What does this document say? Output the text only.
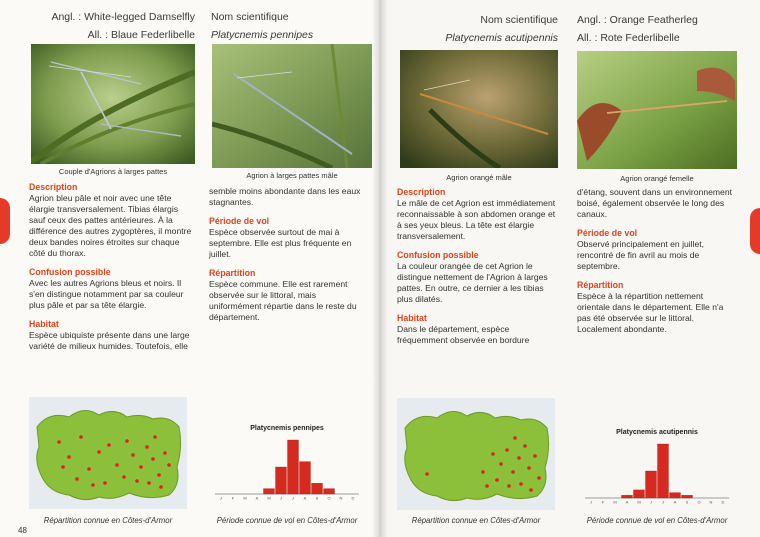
Angl. : White-legged Damselfly
All. : Blaue Federlibelle
Nom scientifique
Platycnemis pennipes
Couple d'Agrions à larges pattes	Agrion à larges pattes mâle
Description

Agrion bleu pâle et noir avec une tête élargie transversalement. Tibias élargis sauf ceux des pattes antérieures. À la différence des autres zygoptères, il montre deux bandes noires étroites sur chaque côté du thorax.

Confusion possible

Avec les autres Agrions bleus et noirs. Il s'en distingue notamment par sa couleur plus pâle et par sa tête élargie.

Habitat

Espèce ubiquiste présente dans une large variété de milieux humides. Toutefois, elle

semble moins abondante dans les eaux stagnantes.

Période de vol

Espèce observée surtout de mai à septembre. Elle est plus fréquente en juillet.

Répartition

Espèce commune. Elle est rarement observée sur le littoral, mais uniformément répartie dans le reste du département.

Répartition connue en Côtes-d'Armor
Platycnemis pennipes
J F M A M J	J A S O N D
Période connue de vol en Côtes-d'Armor
48
Nom scientifique
Platycnemis acutipennis
Angl. : Orange Featherleg
All. : Rote Federlibelle
Agrion orangé mâle	Agrion orangé femelle
Description

Le mâle de cet Agrion est immédiatement reconnaissable à son abdomen orange et à ses yeux bleus. La tête est élargie transversalement.

Confusion possible

La couleur orangée de cet Agrion le distingue nettement de l'Agrion à larges pattes. En outre, ce dernier a les tibias plus dilatés.

Habitat

Dans le département, espèce fréquemment observée en bordure

d'étang, souvent dans un environnement boisé, également observée le long des canaux.

Période de vol

Observé principalement en juillet, rencontré de fin avril au mois de septembre.

Répartition

Espèce à la répartition nettement orientale dans le département. Elle n'a pas été observée sur le littoral. Localement abondante.

Répartition connue en Côtes-d'Armor
Platycnemis acutipennis
J F M A M J	J A S O N D
Période connue de vol en Côtes-d'Armor
